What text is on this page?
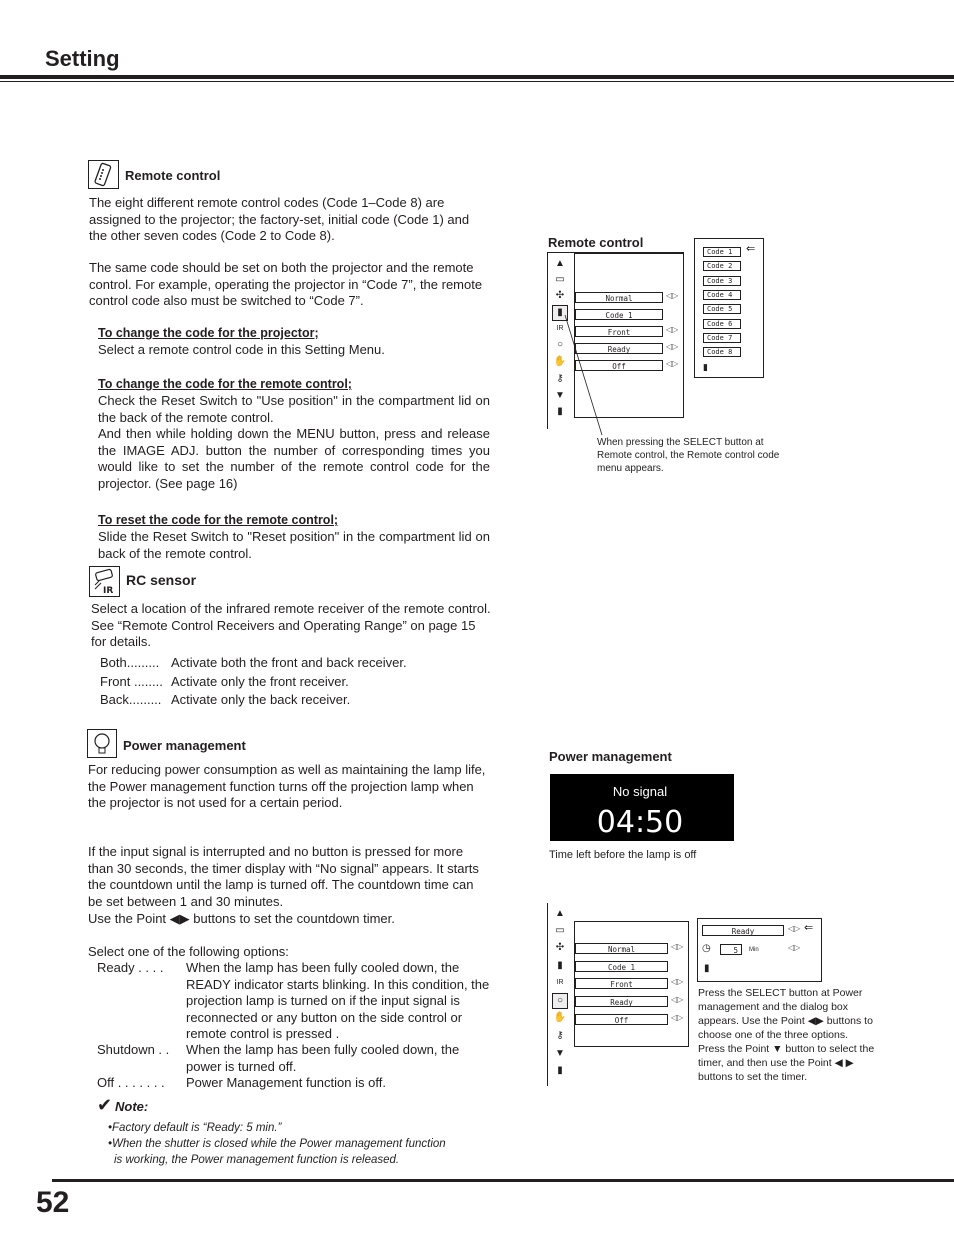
Setting
Remote control
The eight different remote control codes (Code 1–Code 8) are assigned to the projector; the factory-set, initial code (Code 1) and the other seven codes (Code 2 to Code 8).
The same code should be set on both the projector and the remote control. For example, operating the projector in “Code 7”, the remote control code also must be switched to “Code 7”.
To change the code for the projector;
Select a remote control code in this Setting Menu.
To change the code for the remote control;
Check the Reset Switch to "Use position" in the compartment lid on the back of the remote control.
And then while holding down the MENU button, press and release the IMAGE ADJ. button the number of corresponding times you would like to set the number of the remote control code for the projector. (See page 16)
To reset the code for the remote control;
Slide the Reset Switch to "Reset position" in the compartment lid on back of the remote control.
IR
RC sensor
Select a location of the infrared remote receiver of the remote control. See “Remote Control Receivers and Operating Range” on page 15 for details.
Both......... Activate both the front and back receiver.
Front ........ Activate only the front receiver.
Back......... Activate only the back receiver.
Power management
For reducing power consumption as well as maintaining the lamp life, the Power management function turns off the projection lamp when the projector is not used for a certain period.
If the input signal is interrupted and no button is pressed for more than 30 seconds, the timer display with “No signal” appears. It starts the countdown until the lamp is turned off. The countdown time can be set between 1 and 30 minutes.
Use the Point ◀▶ buttons to set the countdown timer.
Select one of the following options:
Ready . . . . When the lamp has been fully cooled down, the READY indicator starts blinking. In this condition, the projection lamp is turned on if the input signal is reconnected or any button on the side control or remote control is pressed .
Shutdown . . When the lamp has been fully cooled down, the power is turned off.
Off . . . . . . . Power Management function is off.
✔ Note:
•Factory default is “Ready: 5 min.”
•When the shutter is closed while the Power management function
is working, the Power management function is released.
Remote control
▲
▭
✣
▮
IR
○
✋
⚷
▼
▮
Normal	◁▷
Code 1
Front	◁▷
Ready	◁▷
Off	◁▷
Code 1
Code 2
Code 3
Code 4
Code 5
Code 6
Code 7
Code 8
▮
⇐
When pressing the SELECT button at Remote control, the Remote control code menu appears.
Power management
No signal
04:50
Time left before the lamp is off
▲
▭
✣
▮
IR
○
✋
⚷
▼
▮
Normal	◁▷
Code 1
Front	◁▷
Ready	◁▷
Off	◁▷
Ready	◁▷ ⇐
◷	5	Min	◁▷
▮
Press the SELECT button at Power management and the dialog box appears. Use the Point ◀▶ buttons to choose one of the three options. Press the Point ▼ button to select the timer, and then use the Point ◀ ▶ buttons to set the timer.
52
